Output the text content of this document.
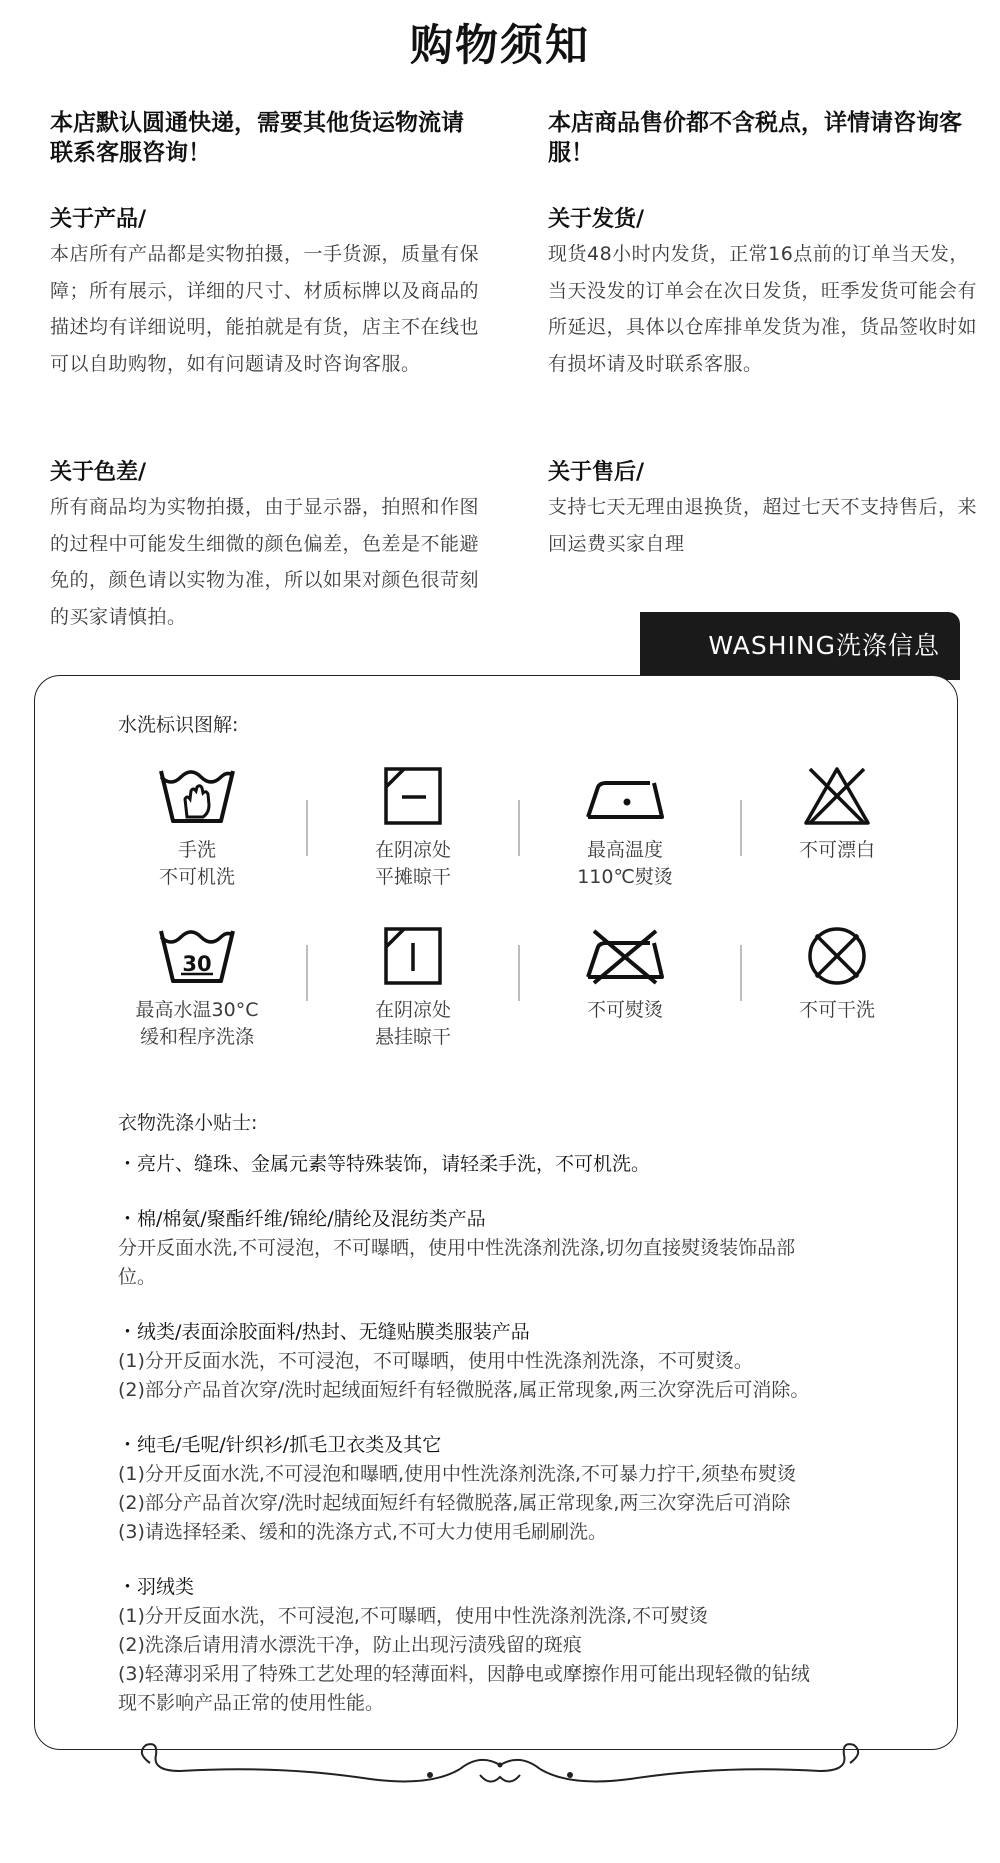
购物须知

本店默认圆通快递，需要其他货运物流请联系客服咨询！

本店商品售价都不含税点，详情请咨询客服！

关于产品/

本店所有产品都是实物拍摄，一手货源，质量有保障；所有展示，详细的尺寸、材质标牌以及商品的描述均有详细说明，能拍就是有货，店主不在线也可以自助购物，如有问题请及时咨询客服。

关于发货/

现货48小时内发货，正常16点前的订单当天发，当天没发的订单会在次日发货，旺季发货可能会有所延迟，具体以仓库排单发货为准，货品签收时如有损坏请及时联系客服。

关于色差/

所有商品均为实物拍摄，由于显示器，拍照和作图的过程中可能发生细微的颜色偏差，色差是不能避免的，颜色请以实物为准，所以如果对颜色很苛刻的买家请慎拍。

关于售后/

支持七天无理由退换货，超过七天不支持售后，来回运费买家自理

WASHING洗涤信息
水洗标识图解:
手洗
不可机洗
在阴凉处
平摊晾干
最高温度
110℃熨烫
不可漂白
30
最高水温30°C
缓和程序洗涤
在阴凉处
悬挂晾干
不可熨烫	不可干洗
衣物洗涤小贴士:
・亮片、缝珠、金属元素等特殊装饰，请轻柔手洗，不可机洗。
・棉/棉氨/聚酯纤维/锦纶/腈纶及混纺类产品
分开反面水洗,不可浸泡，不可曝晒，使用中性洗涤剂洗涤,切勿直接熨烫装饰品部
位。
・绒类/表面涂胶面料/热封、无缝贴膜类服装产品
(1)分开反面水洗，不可浸泡，不可曝晒，使用中性洗涤剂洗涤，不可熨烫。
(2)部分产品首次穿/洗时起绒面短纤有轻微脱落,属正常现象,两三次穿洗后可消除。
・纯毛/毛呢/针织衫/抓毛卫衣类及其它
(1)分开反面水洗,不可浸泡和曝晒,使用中性洗涤剂洗涤,不可暴力拧干,须垫布熨烫
(2)部分产品首次穿/洗时起绒面短纤有轻微脱落,属正常现象,两三次穿洗后可消除
(3)请选择轻柔、缓和的洗涤方式,不可大力使用毛刷刷洗。
・羽绒类
(1)分开反面水洗，不可浸泡,不可曝晒，使用中性洗涤剂洗涤,不可熨烫
(2)洗涤后请用清水漂洗干净，防止出现污渍残留的斑痕
(3)轻薄羽采用了特殊工艺处理的轻薄面料，因静电或摩擦作用可能出现轻微的钻绒
现不影响产品正常的使用性能。
